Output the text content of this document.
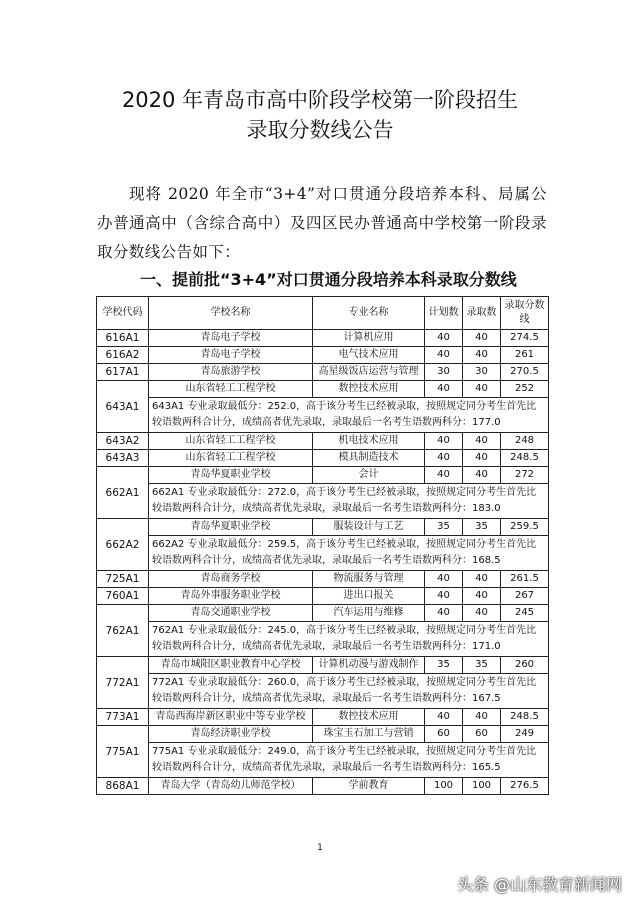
2020 年青岛市高中阶段学校第一阶段招生
录取分数线公告
现将 2020 年全市“3+4”对口贯通分段培养本科、局属公办普通高中（含综合高中）及四区民办普通高中学校第一阶段录取分数线公告如下：
一、提前批“3+4”对口贯通分段培养本科录取分数线
学校代码	学校名称	专业名称	计划数	录取数	录取分数线
616A1	青岛电子学校	计算机应用	40	40	274.5
616A2	青岛电子学校	电气技术应用	40	40	261
617A1	青岛旅游学校	高星级饭店运营与管理	30	30	270.5
643A1	山东省轻工工程学校	数控技术应用	40	40	252
	643A1 专业录取最低分：252.0，高于该分考生已经被录取，按照规定同分考生首先比较语数两科合计分，成绩高者优先录取，录取最后一名考生语数两科分：177.0				
643A2	山东省轻工工程学校	机电技术应用	40	40	248
643A3	山东省轻工工程学校	模具制造技术	40	40	248.5
662A1	青岛华夏职业学校	会计	40	40	272
	662A1 专业录取最低分：272.0，高于该分考生已经被录取，按照规定同分考生首先比较语数两科合计分，成绩高者优先录取，录取最后一名考生语数两科分：183.0				
662A2	青岛华夏职业学校	服装设计与工艺	35	35	259.5
	662A2 专业录取最低分：259.5，高于该分考生已经被录取，按照规定同分考生首先比较语数两科合计分，成绩高者优先录取，录取最后一名考生语数两科分：168.5				
725A1	青岛商务学校	物流服务与管理	40	40	261.5
760A1	青岛外事服务职业学校	进出口报关	40	40	267
762A1	青岛交通职业学校	汽车运用与维修	40	40	245
	762A1 专业录取最低分：245.0，高于该分考生已经被录取，按照规定同分考生首先比较语数两科合计分，成绩高者优先录取，录取最后一名考生语数两科分：171.0				
772A1	青岛市城阳区职业教育中心学校	计算机动漫与游戏制作	35	35	260
	772A1 专业录取最低分：260.0，高于该分考生已经被录取，按照规定同分考生首先比较语数两科合计分，成绩高者优先录取，录取最后一名考生语数两科分：167.5				
773A1	青岛西海岸新区职业中等专业学校	数控技术应用	40	40	248.5
775A1	青岛经济职业学校	珠宝玉石加工与营销	60	60	249
	775A1 专业录取最低分：249.0，高于该分考生已经被录取，按照规定同分考生首先比较语数两科合计分，成绩高者优先录取，录取最后一名考生语数两科分：165.5				
868A1	青岛大学（青岛幼儿师范学校）	学前教育	100	100	276.5
1
头条 @山东教育新闻网
